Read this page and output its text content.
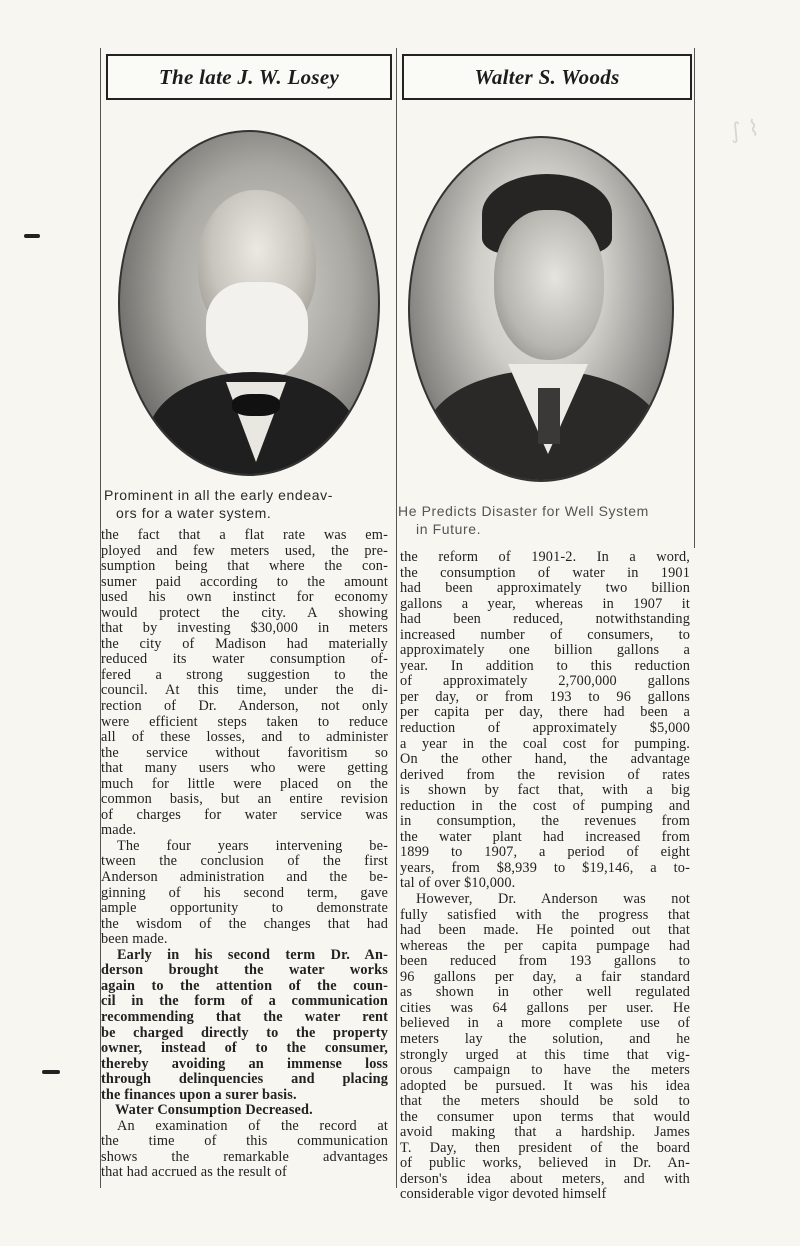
The late J. W. Losey	Walter S. Woods
Prominent in all the early endeav-
ors for a water system.	He Predicts Disaster for Well System
in Future.
the fact that a flat rate was em-
ployed and few meters used, the pre-
sumption being that where the con-
sumer paid according to the amount
used his own instinct for economy
would protect the city. A showing
that by investing $30,000 in meters
the city of Madison had materially
reduced its water consumption of-
fered a strong suggestion to the
council. At this time, under the di-
rection of Dr. Anderson, not only
were efficient steps taken to reduce
all of these losses, and to administer
the service without favoritism so
that many users who were getting
much for little were placed on the
common basis, but an entire revision
of charges for water service was
made.
The four years intervening be-
tween the conclusion of the first
Anderson administration and the be-
ginning of his second term, gave
ample opportunity to demonstrate
the wisdom of the changes that had
been made.
Early in his second term Dr. An-
derson brought the water works
again to the attention of the coun-
cil in the form of a communication
recommending that the water rent
be charged directly to the property
owner, instead of to the consumer,
thereby avoiding an immense loss
through delinquencies and placing
the finances upon a surer basis.
Water Consumption Decreased.
An examination of the record at
the time of this communication
shows the remarkable advantages
that had accrued as the result of
the reform of 1901-2. In a word,
the consumption of water in 1901
had been approximately two billion
gallons a year, whereas in 1907 it
had been reduced, notwithstanding
increased number of consumers, to
approximately one billion gallons a
year. In addition to this reduction
of approximately 2,700,000 gallons
per day, or from 193 to 96 gallons
per capita per day, there had been a
reduction of approximately $5,000
a year in the coal cost for pumping.
On the other hand, the advantage
derived from the revision of rates
is shown by fact that, with a big
reduction in the cost of pumping and
in consumption, the revenues from
the water plant had increased from
1899 to 1907, a period of eight
years, from $8,939 to $19,146, a to-
tal of over $10,000.
However, Dr. Anderson was not
fully satisfied with the progress that
had been made. He pointed out that
whereas the per capita pumpage had
been reduced from 193 gallons to
96 gallons per day, a fair standard
as shown in other well regulated
cities was 64 gallons per user. He
believed in a more complete use of
meters lay the solution, and he
strongly urged at this time that vig-
orous campaign to have the meters
adopted be pursued. It was his idea
that the meters should be sold to
the consumer upon terms that would
avoid making that a hardship. James
T. Day, then president of the board
of public works, believed in Dr. An-
derson's idea about meters, and with
considerable vigor devoted himself
∫ ⌇
